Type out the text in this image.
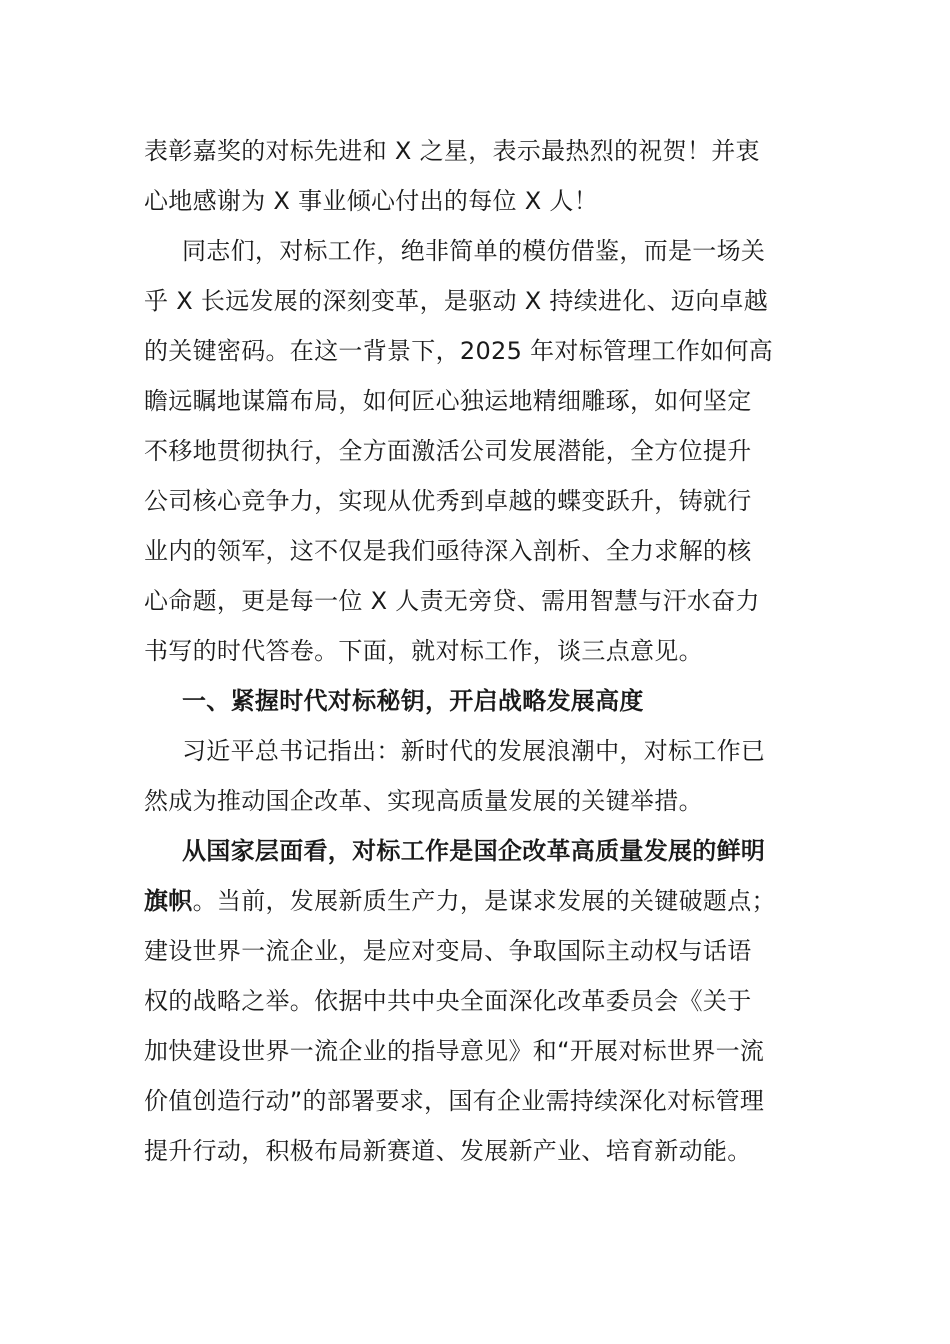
表彰嘉奖的对标先进和 X 之星，表示最热烈的祝贺！并衷
心地感谢为 X 事业倾心付出的每位 X 人！
同志们，对标工作，绝非简单的模仿借鉴，而是一场关
乎 X 长远发展的深刻变革，是驱动 X 持续进化、迈向卓越
的关键密码。在这一背景下，2025 年对标管理工作如何高
瞻远瞩地谋篇布局，如何匠心独运地精细雕琢，如何坚定
不移地贯彻执行，全方面激活公司发展潜能，全方位提升
公司核心竞争力，实现从优秀到卓越的蝶变跃升，铸就行
业内的领军，这不仅是我们亟待深入剖析、全力求解的核
心命题，更是每一位 X 人责无旁贷、需用智慧与汗水奋力
书写的时代答卷。下面，就对标工作，谈三点意见。
一、紧握时代对标秘钥，开启战略发展高度
习近平总书记指出：新时代的发展浪潮中，对标工作已
然成为推动国企改革、实现高质量发展的关键举措。
从国家层面看，对标工作是国企改革高质量发展的鲜明
旗帜。当前，发展新质生产力，是谋求发展的关键破题点；
建设世界一流企业，是应对变局、争取国际主动权与话语
权的战略之举。依据中共中央全面深化改革委员会《关于
加快建设世界一流企业的指导意见》和“开展对标世界一流
价值创造行动”的部署要求，国有企业需持续深化对标管理
提升行动，积极布局新赛道、发展新产业、培育新动能。
